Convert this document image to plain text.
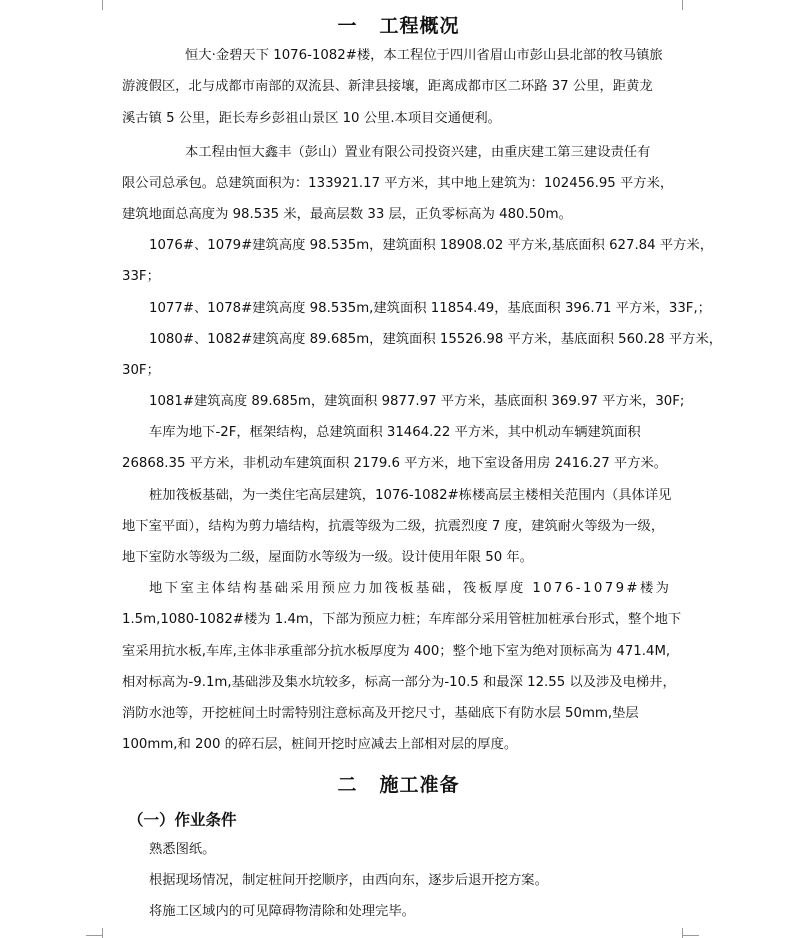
一 工程概况
恒大·金碧天下 1076-1082#楼，本工程位于四川省眉山市彭山县北部的牧马镇旅
游渡假区，北与成都市南部的双流县、新津县接壤，距离成都市区二环路 37 公里，距黄龙
溪古镇 5 公里，距长寿乡彭祖山景区 10 公里.本项目交通便利。
本工程由恒大鑫丰（彭山）置业有限公司投资兴建，由重庆建工第三建设责任有
限公司总承包。总建筑面积为：133921.17 平方米，其中地上建筑为：102456.95 平方米，
建筑地面总高度为 98.535 米，最高层数 33 层，正负零标高为 480.50m。
1076#、1079#建筑高度 98.535m，建筑面积 18908.02 平方米,基底面积 627.84 平方米，
33F；
1077#、1078#建筑高度 98.535m,建筑面积 11854.49，基底面积 396.71 平方米，33F,；
1080#、1082#建筑高度 89.685m，建筑面积 15526.98 平方米，基底面积 560.28 平方米，
30F；
1081#建筑高度 89.685m，建筑面积 9877.97 平方米，基底面积 369.97 平方米，30F;
车库为地下-2F，框架结构，总建筑面积 31464.22 平方米，其中机动车辆建筑面积
26868.35 平方米，非机动车建筑面积 2179.6 平方米，地下室设备用房 2416.27 平方米。
桩加筏板基础，为一类住宅高层建筑，1076-1082#栋楼高层主楼相关范围内（具体详见
地下室平面），结构为剪力墙结构，抗震等级为二级，抗震烈度 7 度，建筑耐火等级为一级，
地下室防水等级为二级，屋面防水等级为一级。设计使用年限 50 年。
地下室主体结构基础采用预应力加筏板基础，筏板厚度 1076-1079#楼为
1.5m,1080-1082#楼为 1.4m，下部为预应力桩；车库部分采用管桩加桩承台形式，整个地下
室采用抗水板,车库,主体非承重部分抗水板厚度为 400；整个地下室为绝对顶标高为 471.4M,
相对标高为-9.1m,基础涉及集水坑较多，标高一部分为-10.5 和最深 12.55 以及涉及电梯井，
消防水池等，开挖桩间土时需特别注意标高及开挖尺寸，基础底下有防水层 50mm,垫层
100mm,和 200 的碎石层，桩间开挖时应减去上部相对层的厚度。
二 施工准备
（一）作业条件
熟悉图纸。
根据现场情况，制定桩间开挖顺序，由西向东，逐步后退开挖方案。
将施工区域内的可见障碍物清除和处理完毕。
